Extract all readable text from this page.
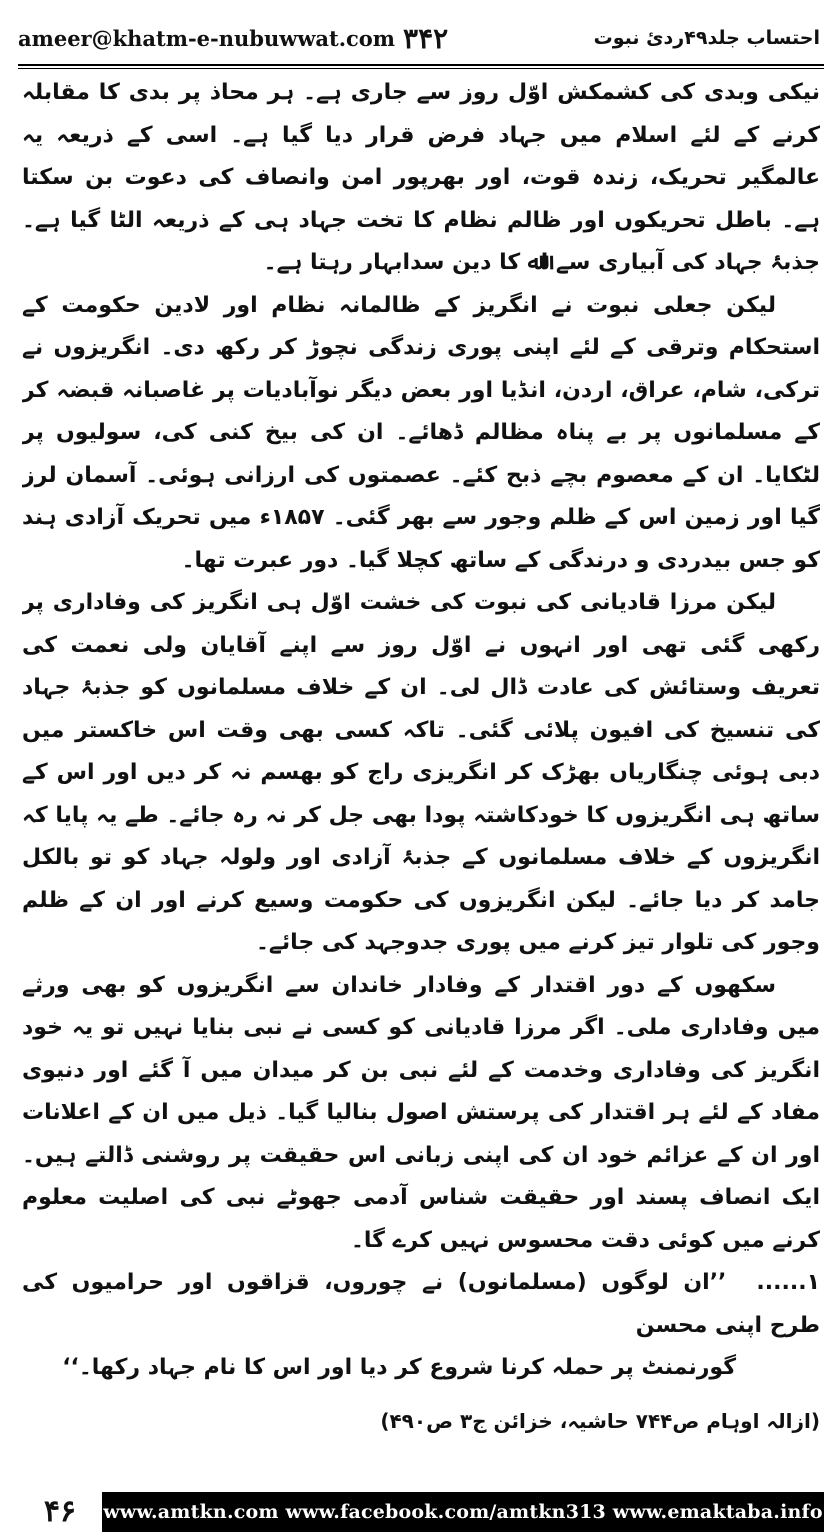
ameer@khatm-e-nubuwwat.com ۳۴۲	احتساب جلد۴۹ردئ نبوت

نیکی وبدی کی کشمکش اوّل روز سے جاری ہے۔ ہر محاذ پر بدی کا مقابلہ کرنے کے لئے اسلام میں جہاد فرض قرار دیا گیا ہے۔ اسی کے ذریعہ یہ عالمگیر تحریک، زندہ قوت، اور بھرپور امن وانصاف کی دعوت بن سکتا ہے۔ باطل تحریکوں اور ظالم نظام کا تخت جہاد ہی کے ذریعہ الٹا گیا ہے۔ جذبۂ جہاد کی آبیاری سے اﷲ کا دین سدابہار رہتا ہے۔

لیکن جعلی نبوت نے انگریز کے ظالمانہ نظام اور لادین حکومت کے استحکام وترقی کے لئے اپنی پوری زندگی نچوڑ کر رکھ دی۔ انگریزوں نے ترکی، شام، عراق، اردن، انڈیا اور بعض دیگر نوآبادیات پر غاصبانہ قبضہ کر کے مسلمانوں پر بے پناہ مظالم ڈھائے۔ ان کی بیخ کنی کی، سولیوں پر لٹکایا۔ ان کے معصوم بچے ذبح کئے۔ عصمتوں کی ارزانی ہوئی۔ آسمان لرز گیا اور زمین اس کے ظلم وجور سے بھر گئی۔ ۱۸۵۷ء میں تحریک آزادی ہند کو جس بیدردی و درندگی کے ساتھ کچلا گیا۔ دور عبرت تھا۔

لیکن مرزا قادیانی کی نبوت کی خشت اوّل ہی انگریز کی وفاداری پر رکھی گئی تھی اور انہوں نے اوّل روز سے اپنے آقایان ولی نعمت کی تعریف وستائش کی عادت ڈال لی۔ ان کے خلاف مسلمانوں کو جذبۂ جہاد کی تنسیخ کی افیون پلائی گئی۔ تاکہ کسی بھی وقت اس خاکستر میں دبی ہوئی چنگاریاں بھڑک کر انگریزی راج کو بھسم نہ کر دیں اور اس کے ساتھ ہی انگریزوں کا خودکاشتہ پودا بھی جل کر نہ رہ جائے۔ طے یہ پایا کہ انگریزوں کے خلاف مسلمانوں کے جذبۂ آزادی اور ولولہ جہاد کو تو بالکل جامد کر دیا جائے۔ لیکن انگریزوں کی حکومت وسیع کرنے اور ان کے ظلم وجور کی تلوار تیز کرنے میں پوری جدوجہد کی جائے۔

سکھوں کے دور اقتدار کے وفادار خاندان سے انگریزوں کو بھی ورثے میں وفاداری ملی۔ اگر مرزا قادیانی کو کسی نے نبی بنایا نہیں تو یہ خود انگریز کی وفاداری وخدمت کے لئے نبی بن کر میدان میں آ گئے اور دنیوی مفاد کے لئے ہر اقتدار کی پرستش اصول بنالیا گیا۔ ذیل میں ان کے اعلانات اور ان کے عزائم خود ان کی اپنی زبانی اس حقیقت پر روشنی ڈالتے ہیں۔ ایک انصاف پسند اور حقیقت شناس آدمی جھوٹے نبی کی اصلیت معلوم کرنے میں کوئی دقت محسوس نہیں کرے گا۔

۱......’’ان لوگوں (مسلمانوں) نے چوروں، قزاقوں اور حرامیوں کی طرح اپنی محسن
گورنمنٹ پر حملہ کرنا شروع کر دیا اور اس کا نام جہاد رکھا۔‘‘

(ازالہ اوہام ص۷۴۴ حاشیہ، خزائن ج۳ ص۴۹۰)

۴۶	www.amtkn.com www.facebook.com/amtkn313 www.emaktaba.info
